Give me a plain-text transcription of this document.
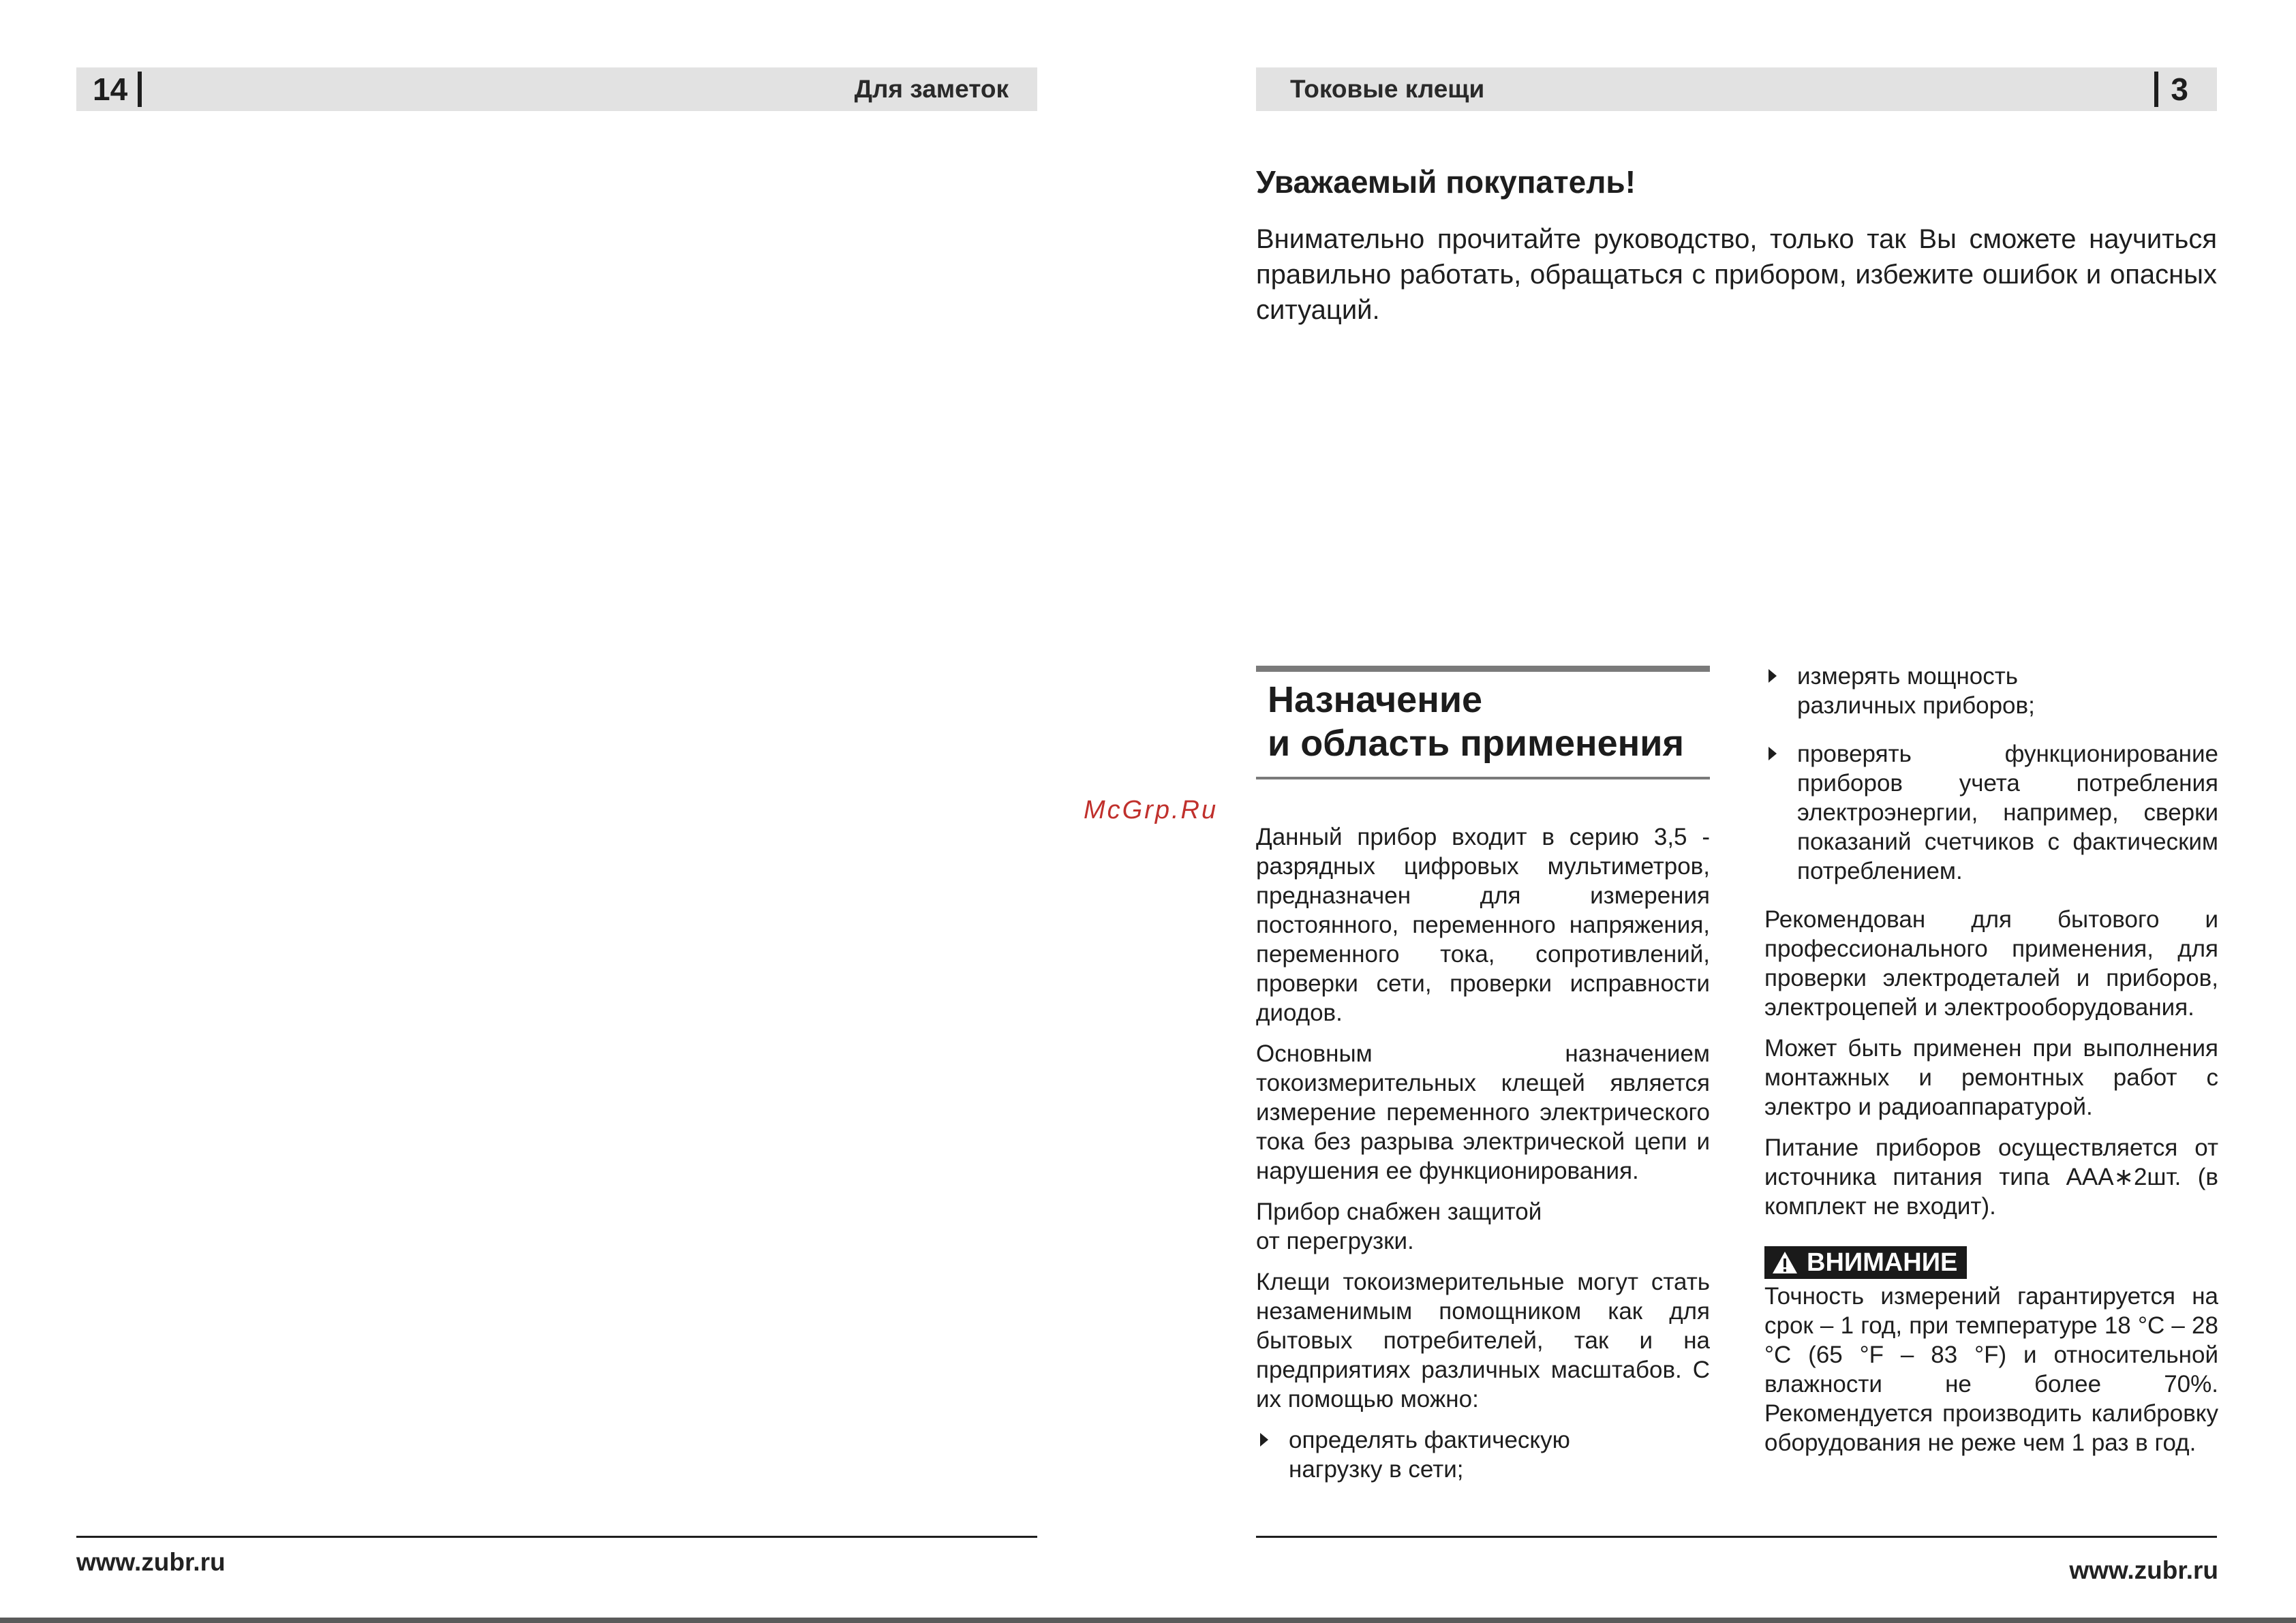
14	Для заметок
www.zubr.ru
McGrp.Ru
Токовые клещи	3
Уважаемый покупатель!
Внимательно прочитайте руководство, только так Вы сможете научиться правильно работать, обращаться с прибором, избежите ошибок и опасных ситуаций.
Назначение
и область применения

Данный прибор входит в серию 3,5 - разрядных цифровых мультиметров, предназначен для измерения постоянного, переменного напряжения, переменного тока, сопротивлений, проверки сети, проверки исправности диодов.

Основным назначением токоизмерительных клещей является измерение переменного электрического тока без разрыва электрической цепи и нарушения ее функционирования.

Прибор снабжен защитой
от перегрузки.

Клещи токоизмерительные могут стать незаменимым помощником как для бытовых потребителей, так и на предприятиях различных масштабов. С их помощью можно:

определять фактическую
нагрузку в сети;
измерять мощность
различных приборов;
проверять функционирование приборов учета потребления электроэнергии, например, сверки показаний счетчиков с фактическим потреблением.

Рекомендован для бытового и профессионального применения, для проверки электродеталей и приборов, электроцепей и электрооборудования.

Может быть применен при выполнения монтажных и ремонтных работ с электро и радиоаппаратурой.

Питание приборов осуществляется от источника питания типа AAA∗2шт. (в комплект не входит).

ВНИМАНИЕ

Точность измерений гарантируется на срок – 1 год, при температуре 18 °C – 28 °C (65 °F – 83 °F) и относительной влажности не более 70%. Рекомендуется производить калибровку оборудования не реже чем 1 раз в год.

www.zubr.ru
